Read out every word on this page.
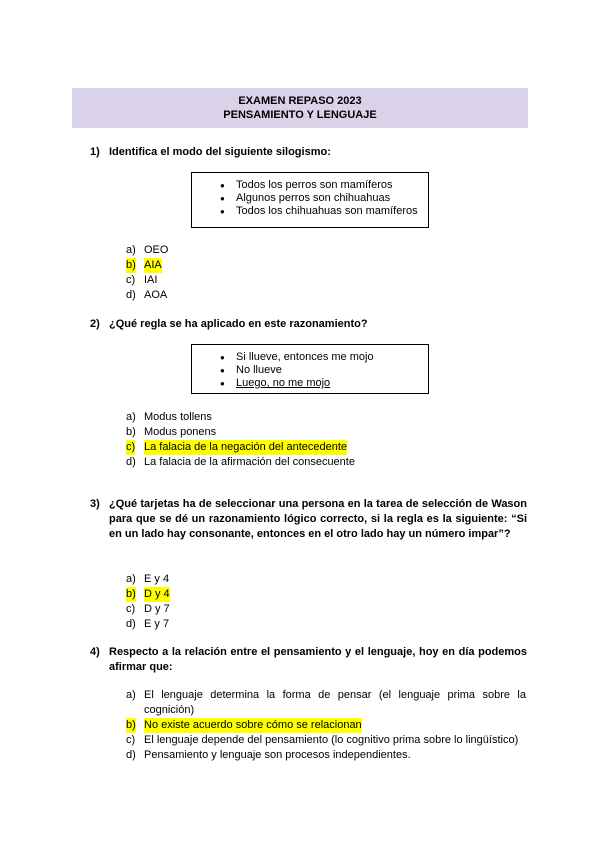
EXAMEN REPASO 2023
PENSAMIENTO Y LENGUAJE
1) Identifica el modo del siguiente silogismo:
● Todos los perros son mamíferos
● Algunos perros son chihuahuas
● Todos los chihuahuas son mamíferos
a) OEO
b) AIA
c) IAI
d) AOA
2) ¿Qué regla se ha aplicado en este razonamiento?
● Si llueve, entonces me mojo
● No llueve
● Luego, no me mojo
a) Modus tollens
b) Modus ponens
c) La falacia de la negación del antecedente
d) La falacia de la afirmación del consecuente
3) ¿Qué tarjetas ha de seleccionar una persona en la tarea de selección de Wason para que se dé un razonamiento lógico correcto, si la regla es la siguiente: “Si en un lado hay consonante, entonces en el otro lado hay un número impar”?
a) E y 4
b) D y 4
c) D y 7
d) E y 7
4) Respecto a la relación entre el pensamiento y el lenguaje, hoy en día podemos afirmar que:
a) El lenguaje determina la forma de pensar (el lenguaje prima sobre la cognición)
b) No existe acuerdo sobre cómo se relacionan
c) El lenguaje depende del pensamiento (lo cognitivo prima sobre lo lingüístico)
d) Pensamiento y lenguaje son procesos independientes.
